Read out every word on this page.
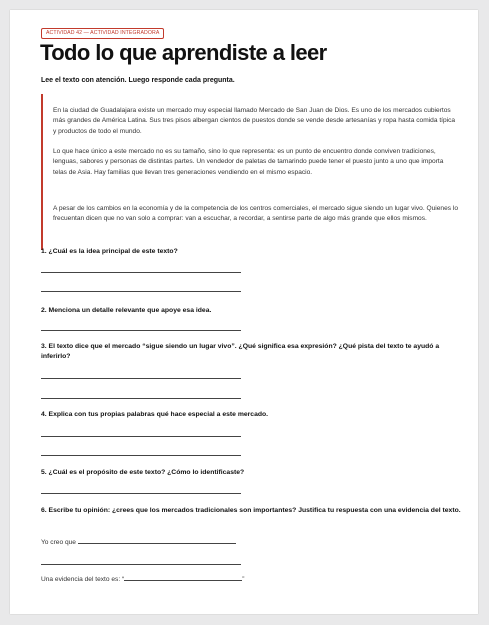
ACTIVIDAD 42 — ACTIVIDAD INTEGRADORA
Todo lo que aprendiste a leer
Lee el texto con atención. Luego responde cada pregunta.

En la ciudad de Guadalajara existe un mercado muy especial llamado Mercado de San Juan de Dios. Es uno de los mercados cubiertos más grandes de América Latina. Sus tres pisos albergan cientos de puestos donde se vende desde artesanías y ropa hasta comida típica y productos de todo el mundo.

Lo que hace único a este mercado no es su tamaño, sino lo que representa: es un punto de encuentro donde conviven tradiciones, lenguas, sabores y personas de distintas partes. Un vendedor de paletas de tamarindo puede tener el puesto junto a uno que importa telas de Asia. Hay familias que llevan tres generaciones vendiendo en el mismo espacio.

A pesar de los cambios en la economía y de la competencia de los centros comerciales, el mercado sigue siendo un lugar vivo. Quienes lo frecuentan dicen que no van solo a comprar: van a escuchar, a recordar, a sentirse parte de algo más grande que ellos mismos.

1. ¿Cuál es la idea principal de este texto?
2. Menciona un detalle relevante que apoye esa idea.
3. El texto dice que el mercado “sigue siendo un lugar vivo”. ¿Qué significa esa expresión? ¿Qué pista del texto te ayudó a inferirlo?
4. Explica con tus propias palabras qué hace especial a este mercado.
5. ¿Cuál es el propósito de este texto? ¿Cómo lo identificaste?
6. Escribe tu opinión: ¿crees que los mercados tradicionales son importantes? Justifica tu respuesta con una evidencia del texto.
Yo creo que
Una evidencia del texto es: “	”
